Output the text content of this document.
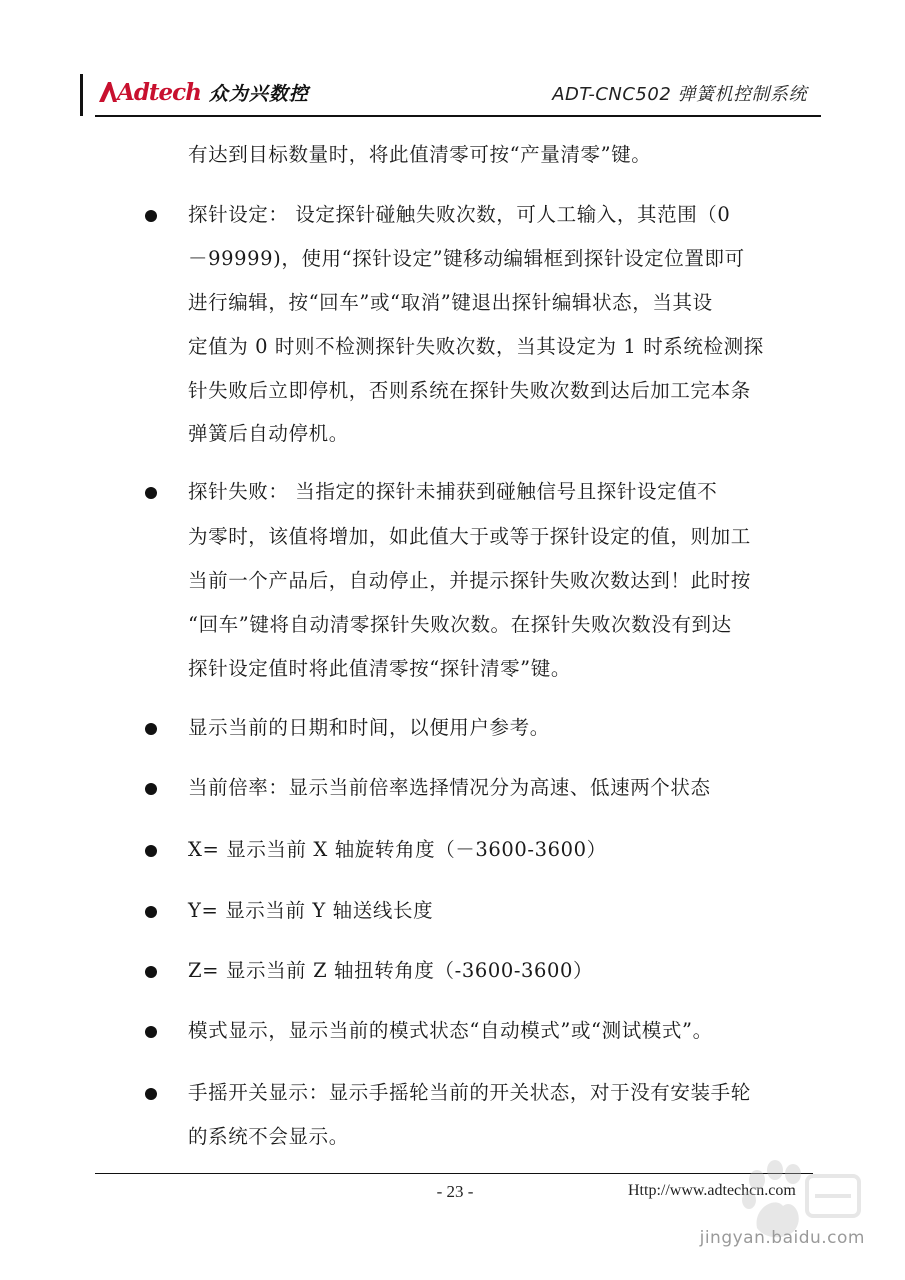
Adtech 众为兴数控	ADT-CNC502 弹簧机控制系统
有达到目标数量时，将此值清零可按“产量清零”键。
探针设定： 设定探针碰触失败次数，可人工输入，其范围（0
－99999)，使用“探针设定”键移动编辑框到探针设定位置即可
进行编辑，按“回车”或“取消”键退出探针编辑状态，当其设
定值为 0 时则不检测探针失败次数，当其设定为 1 时系统检测探
针失败后立即停机，否则系统在探针失败次数到达后加工完本条
弹簧后自动停机。
探针失败： 当指定的探针未捕获到碰触信号且探针设定值不
为零时，该值将增加，如此值大于或等于探针设定的值，则加工
当前一个产品后，自动停止，并提示探针失败次数达到！此时按
“回车”键将自动清零探针失败次数。在探针失败次数没有到达
探针设定值时将此值清零按“探针清零”键。
显示当前的日期和时间，以便用户参考。
当前倍率：显示当前倍率选择情况分为高速、低速两个状态
X= 显示当前 X 轴旋转角度（－3600-3600）
Y= 显示当前 Y 轴送线长度
Z= 显示当前 Z 轴扭转角度（-3600-3600）
模式显示，显示当前的模式状态“自动模式”或“测试模式”。
手摇开关显示：显示手摇轮当前的开关状态，对于没有安装手轮
的系统不会显示。
- 23 -	Http://www.adtechcn.com
jingyan.baidu.com
